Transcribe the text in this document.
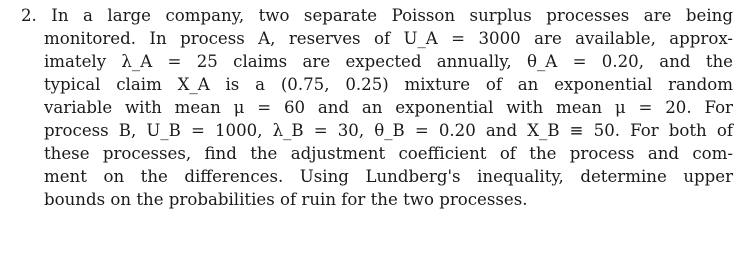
2. In a large company, two separate Poisson surplus processes are being
monitored. In process A, reserves of U_A = 3000 are available, approx-
imately λ_A = 25 claims are expected annually, θ_A = 0.20, and the
typical claim X_A is a (0.75, 0.25) mixture of an exponential random
variable with mean μ = 60 and an exponential with mean μ = 20. For
process B, U_B = 1000, λ_B = 30, θ_B = 0.20 and X_B ≡ 50. For both of
these processes, find the adjustment coefficient of the process and com-
ment on the differences. Using Lundberg's inequality, determine upper
bounds on the probabilities of ruin for the two processes.
